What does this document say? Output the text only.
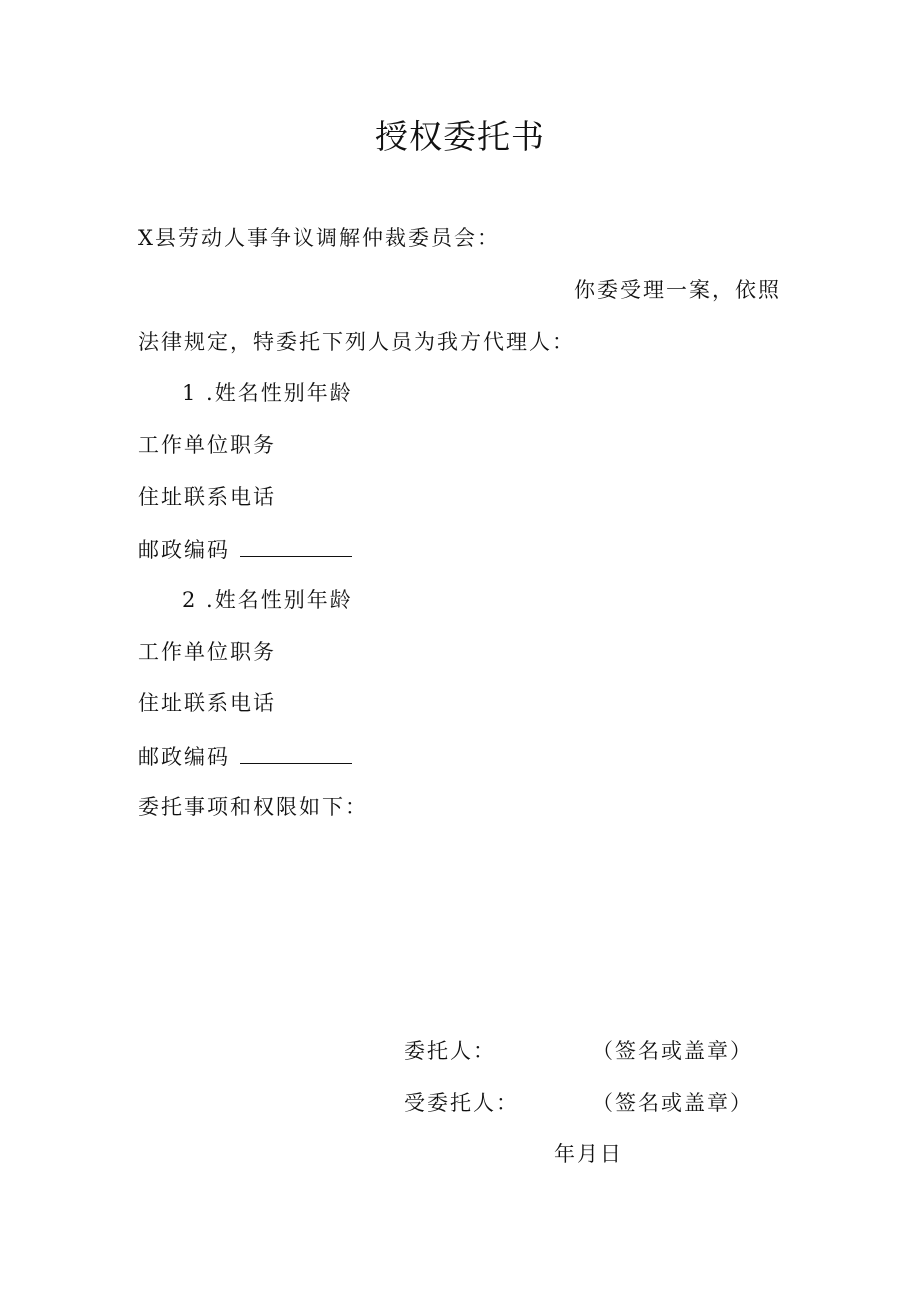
授权委托书
X县劳动人事争议调解仲裁委员会：
你委受理一案，依照
法律规定，特委托下列人员为我方代理人：
1 .姓名性别年龄
工作单位职务
住址联系电话
邮政编码
2 .姓名性别年龄
工作单位职务
住址联系电话
邮政编码
委托事项和权限如下：
委托人：	（签名或盖章）
受委托人：	（签名或盖章）
年月日
